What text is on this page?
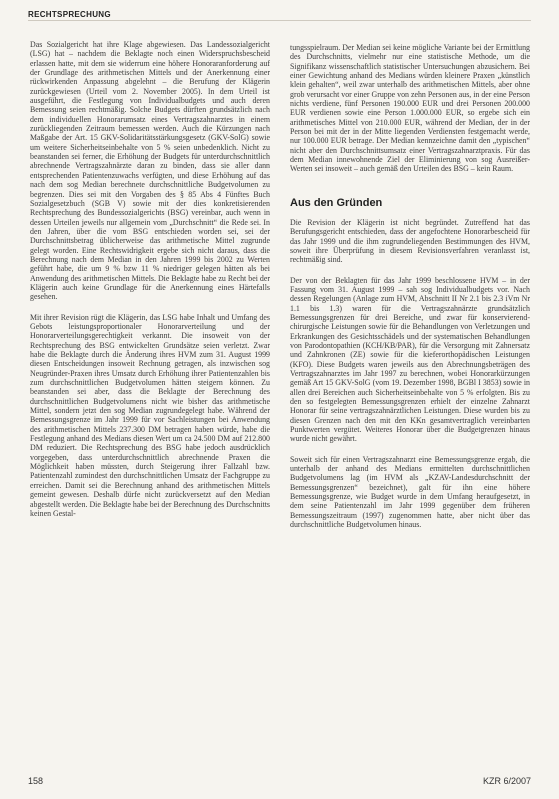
RECHTSPRECHUNG

Das Sozialgericht hat ihre Klage abgewiesen. Das Landessozialgericht (LSG) hat – nachdem die Beklagte noch einen Widerspruchsbescheid erlassen hatte, mit dem sie widerrum eine höhere Honoraranforderung auf der Grundlage des arithmetischen Mittels und der Anerkennung einer rückwirkenden Anpassung abgelehnt – die Berufung der Klägerin zurückgewiesen (Urteil vom 2. November 2005). In dem Urteil ist ausgeführt, die Festlegung von Individualbudgets und auch deren Bemessung seien rechtmäßig. Solche Budgets dürften grundsätzlich nach dem individuellen Honorarumsatz eines Vertragszahnarztes in einem zurückliegenden Zeitraum bemessen werden. Auch die Kürzungen nach Maßgabe der Art. 15 GKV-Solidaritätsstärkungsgesetz (GKV-SolG) sowie um weitere Sicherheitseinbehalte von 5 % seien unbedenklich. Nicht zu beanstanden sei ferner, die Erhöhung der Budgets für unterdurchschnittlich abrechnende Vertragszahnärzte daran zu binden, dass sie aller dann entsprechenden Patientenzuwachs verfügten, und diese Erhöhung auf das nach dem sog Median berechnete durchschnittliche Budgetvolumen zu begrenzen. Dies sei mit den Vorgaben des § 85 Abs 4 Fünftes Buch Sozialgesetzbuch (SGB V) sowie mit der dies konkretisierenden Rechtsprechung des Bundessozialgerichts (BSG) vereinbar, auch wenn in dessen Urteilen jeweils nur allgemein vom „Durchschnitt“ die Rede sei. In den Jahren, über die vom BSG entschieden worden sei, sei der Durchschnittsbetrag üblicherweise das arithmetische Mittel zugrunde gelegt worden. Eine Rechtswidrigkeit ergebe sich nicht daraus, dass die Berechnung nach dem Median in den Jahren 1999 bis 2002 zu Werten geführt habe, die um 9 % bzw 11 % niedriger gelegen hätten als bei Anwendung des arithmetischen Mittels. Die Beklagte habe zu Recht bei der Klägerin auch keine Grundlage für die Anerkennung eines Härtefalls gesehen.

Mit ihrer Revision rügt die Klägerin, das LSG habe Inhalt und Umfang des Gebots leistungsproportionaler Honorarverteilung und der Honorarverteilungsgerechtigkeit verkannt. Die insoweit von der Rechtsprechung des BSG entwickelten Grundsätze seien verletzt. Zwar habe die Beklagte durch die Änderung ihres HVM zum 31. August 1999 diesen Entscheidungen insoweit Rechnung getragen, als inzwischen sog Neugründer-Praxen ihres Umsatz durch Erhöhung ihrer Patientenzahlen bis zum durchschnittlichen Budgetvolumen hätten steigern können. Zu beanstanden sei aber, dass die Beklagte der Berechnung des durchschnittlichen Budgetvolumens nicht wie bisher das arithmetische Mittel, sondern jetzt den sog Median zugrundegelegt habe. Während der Bemessungsgrenze im Jahr 1999 für vor Sachleistungen bei Anwendung des arithmetischen Mittels 237.300 DM betragen haben würde, habe die Festlegung anhand des Medians diesen Wert um ca 24.500 DM auf 212.800 DM reduziert. Die Rechtsprechung des BSG habe jedoch ausdrücklich vorgegeben, dass unterdurchschnittlich abrechnende Praxen die Möglichkeit haben müssten, durch Steigerung ihrer Fallzahl bzw. Patientenzahl zumindest den durchschnittlichen Umsatz der Fachgruppe zu erreichen. Damit sei die Berechnung anhand des arithmetischen Mittels gemeint gewesen. Deshalb dürfe nicht zurückversetzt auf den Median abgestellt werden. Die Beklagte habe bei der Berechnung des Durchschnitts keinen Gestal-

tungsspielraum. Der Median sei keine mögliche Variante bei der Ermittlung des Durchschnitts, vielmehr nur eine statistische Methode, um die Signifikanz wissenschaftlich statistischer Untersuchungen abzusichern. Bei einer Gewichtung anhand des Medians würden kleinere Praxen „künstlich klein gehalten“, weil zwar unterhalb des arithmetischen Mittels, aber ohne grob verursacht vor einer Gruppe von zehn Personen aus, in der eine Person nichts verdiene, fünf Personen 190.000 EUR und drei Personen 200.000 EUR verdienen sowie eine Person 1.000.000 EUR, so ergebe sich ein arithmetisches Mittel von 210.000 EUR, während der Median, der in der Person bei mit der in der Mitte liegenden Verdiensten festgemacht werde, nur 100.000 EUR betrage. Der Median kennzeichne damit den „typischen“ nicht aber den Durchschnittsumsatz einer Vertragszahnarztpraxis. Für das dem Median innewohnende Ziel der Eliminierung von sog Ausreißer-Werten sei insoweit – auch gemäß den Urteilen des BSG – kein Raum.

Aus den Gründen

Die Revision der Klägerin ist nicht begründet. Zutreffend hat das Berufungsgericht entschieden, dass der angefochtene Honorarbescheid für das Jahr 1999 und die ihm zugrundeliegenden Bestimmungen des HVM, soweit ihre Überprüfung in diesem Revisionsverfahren veranlasst ist, rechtmäßig sind.

Der von der Beklagten für das Jahr 1999 beschlossene HVM – in der Fassung vom 31. August 1999 – sah sog Individualbudgets vor. Nach dessen Regelungen (Anlage zum HVM, Abschnitt II Nr 2.1 bis 2.3 iVm Nr 1.1 bis 1.3) waren für die Vertragszahnärzte grundsätzlich Bemessungsgrenzen für drei Bereiche, und zwar für konservierend-chirurgische Leistungen sowie für die Behandlungen von Verletzungen und Erkrankungen des Gesichtsschädels und der systematischen Behandlungen von Parodontopathien (KCH/KB/PAR), für die Versorgung mit Zahnersatz und Zahnkronen (ZE) sowie für die kieferorthopädischen Leistungen (KFO). Diese Budgets waren jeweils aus den Abrechnungsbeträgen des Vertragszahnarztes im Jahr 1997 zu berechnen, wobei Honorarkürzungen gemäß Art 15 GKV-SolG (vom 19. Dezember 1998, BGBl I 3853) sowie in allen drei Bereichen auch Sicherheitseinbehalte von 5 % erfolgten. Bis zu den so festgelegten Bemessungsgrenzen erhielt der einzelne Zahnarzt Honorar für seine vertragszahnärztlichen Leistungen. Diese wurden bis zu diesen Grenzen nach den mit den KKn gesamtvertraglich vereinbarten Punktwerten vergütet. Weiteres Honorar über die Budgetgrenzen hinaus wurde nicht gewährt.

Soweit sich für einen Vertragszahnarzt eine Bemessungsgrenze ergab, die unterhalb der anhand des Medians ermittelten durchschnittlichen Budgetvolumens lag (im HVM als „KZAV-Landesdurchschnitt der Bemessungsgrenzen“ bezeichnet), galt für ihn eine höhere Bemessungsgrenze, wie Budget wurde in dem Umfang heraufgesetzt, in dem seine Patientenzahl im Jahr 1999 gegenüber dem früheren Bemessungszeitraum (1997) zugenommen hatte, aber nicht über das durchschnittliche Budgetvolumen hinaus.

158	KZR 6/2007
